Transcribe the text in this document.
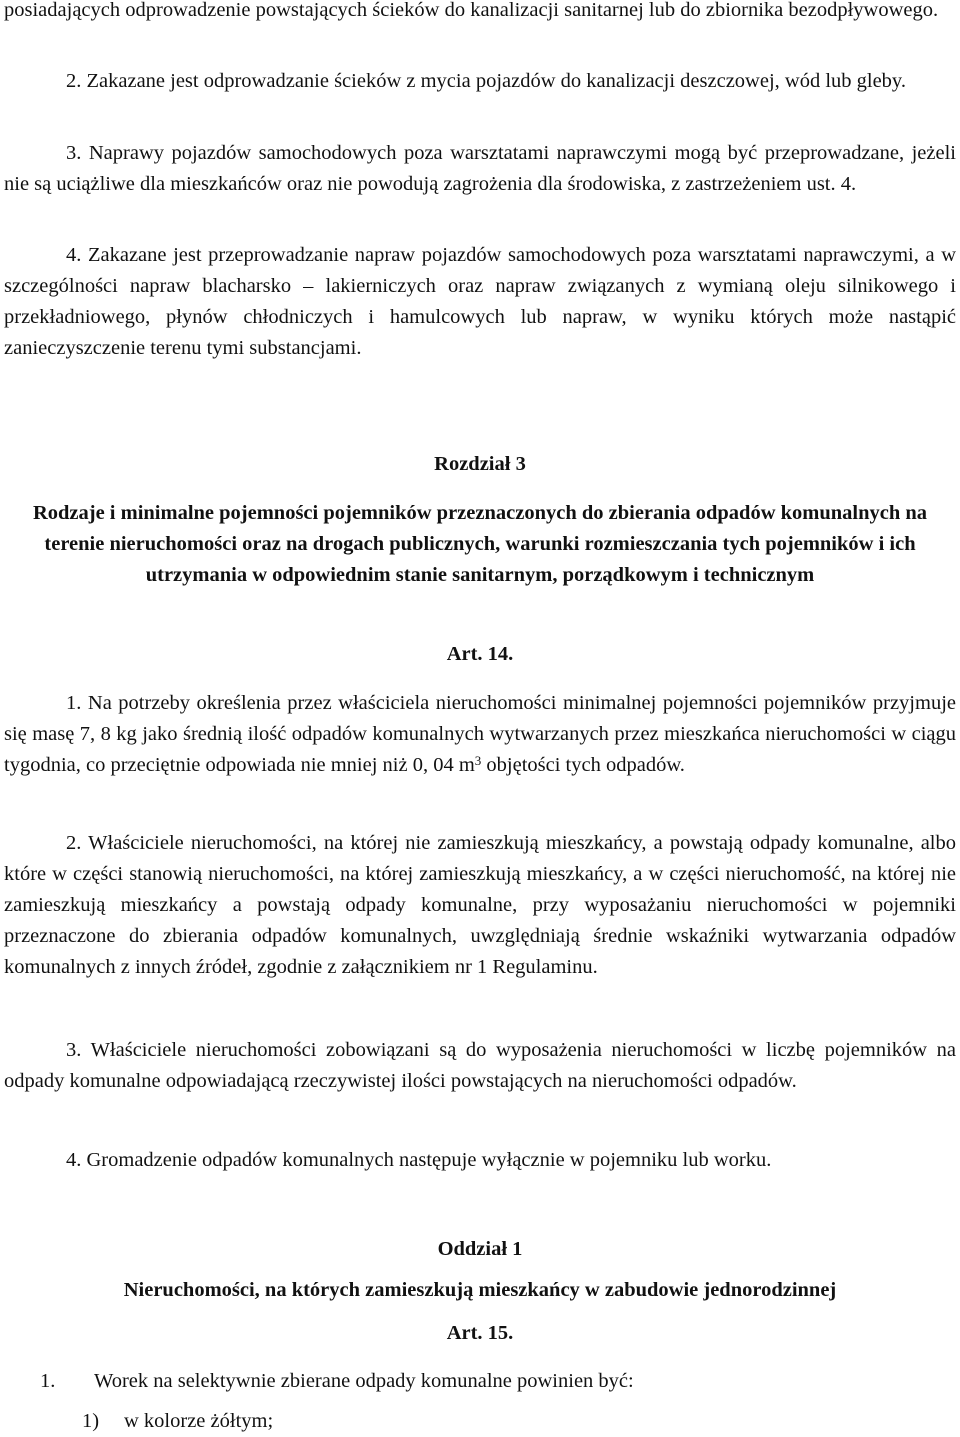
posiadających odprowadzenie powstających ścieków do kanalizacji sanitarnej lub do zbiornika bezodpływowego.
2. Zakazane jest odprowadzanie ścieków z mycia pojazdów do kanalizacji deszczowej, wód lub gleby.
3. Naprawy pojazdów samochodowych poza warsztatami naprawczymi mogą być przeprowadzane, jeżeli nie są uciążliwe dla mieszkańców oraz nie powodują zagrożenia dla środowiska, z zastrzeżeniem ust. 4.
4. Zakazane jest przeprowadzanie napraw pojazdów samochodowych poza warsztatami naprawczymi, a w szczególności napraw blacharsko – lakierniczych oraz napraw związanych z wymianą oleju silnikowego i przekładniowego, płynów chłodniczych i hamulcowych lub napraw, w wyniku których może nastąpić zanieczyszczenie terenu tymi substancjami.
Rozdział 3
Rodzaje i minimalne pojemności pojemników przeznaczonych do zbierania odpadów komunalnych na terenie nieruchomości oraz na drogach publicznych, warunki rozmieszczania tych pojemników i ich utrzymania w odpowiednim stanie sanitarnym, porządkowym i technicznym
Art. 14.
1. Na potrzeby określenia przez właściciela nieruchomości minimalnej pojemności pojemników przyjmuje się masę 7, 8 kg jako średnią ilość odpadów komunalnych wytwarzanych przez mieszkańca nieruchomości w ciągu tygodnia, co przeciętnie odpowiada nie mniej niż 0, 04 $m^3$ objętości tych odpadów.
2. Właściciele nieruchomości, na której nie zamieszkują mieszkańcy, a powstają odpady komunalne, albo które w części stanowią nieruchomości, na której zamieszkują mieszkańcy, a w części nieruchomość, na której nie zamieszkują mieszkańcy a powstają odpady komunalne, przy wyposażaniu nieruchomości w pojemniki przeznaczone do zbierania odpadów komunalnych, uwzględniają średnie wskaźniki wytwarzania odpadów komunalnych z innych źródeł, zgodnie z załącznikiem nr 1 Regulaminu.
3. Właściciele nieruchomości zobowiązani są do wyposażenia nieruchomości w liczbę pojemników na odpady komunalne odpowiadającą rzeczywistej ilości powstających na nieruchomości odpadów.
4. Gromadzenie odpadów komunalnych następuje wyłącznie w pojemniku lub worku.
Oddział 1
Nieruchomości, na których zamieszkują mieszkańcy w zabudowie jednorodzinnej
Art. 15.
1. Worek na selektywnie zbierane odpady komunalne powinien być:
1) w kolorze żółtym;
